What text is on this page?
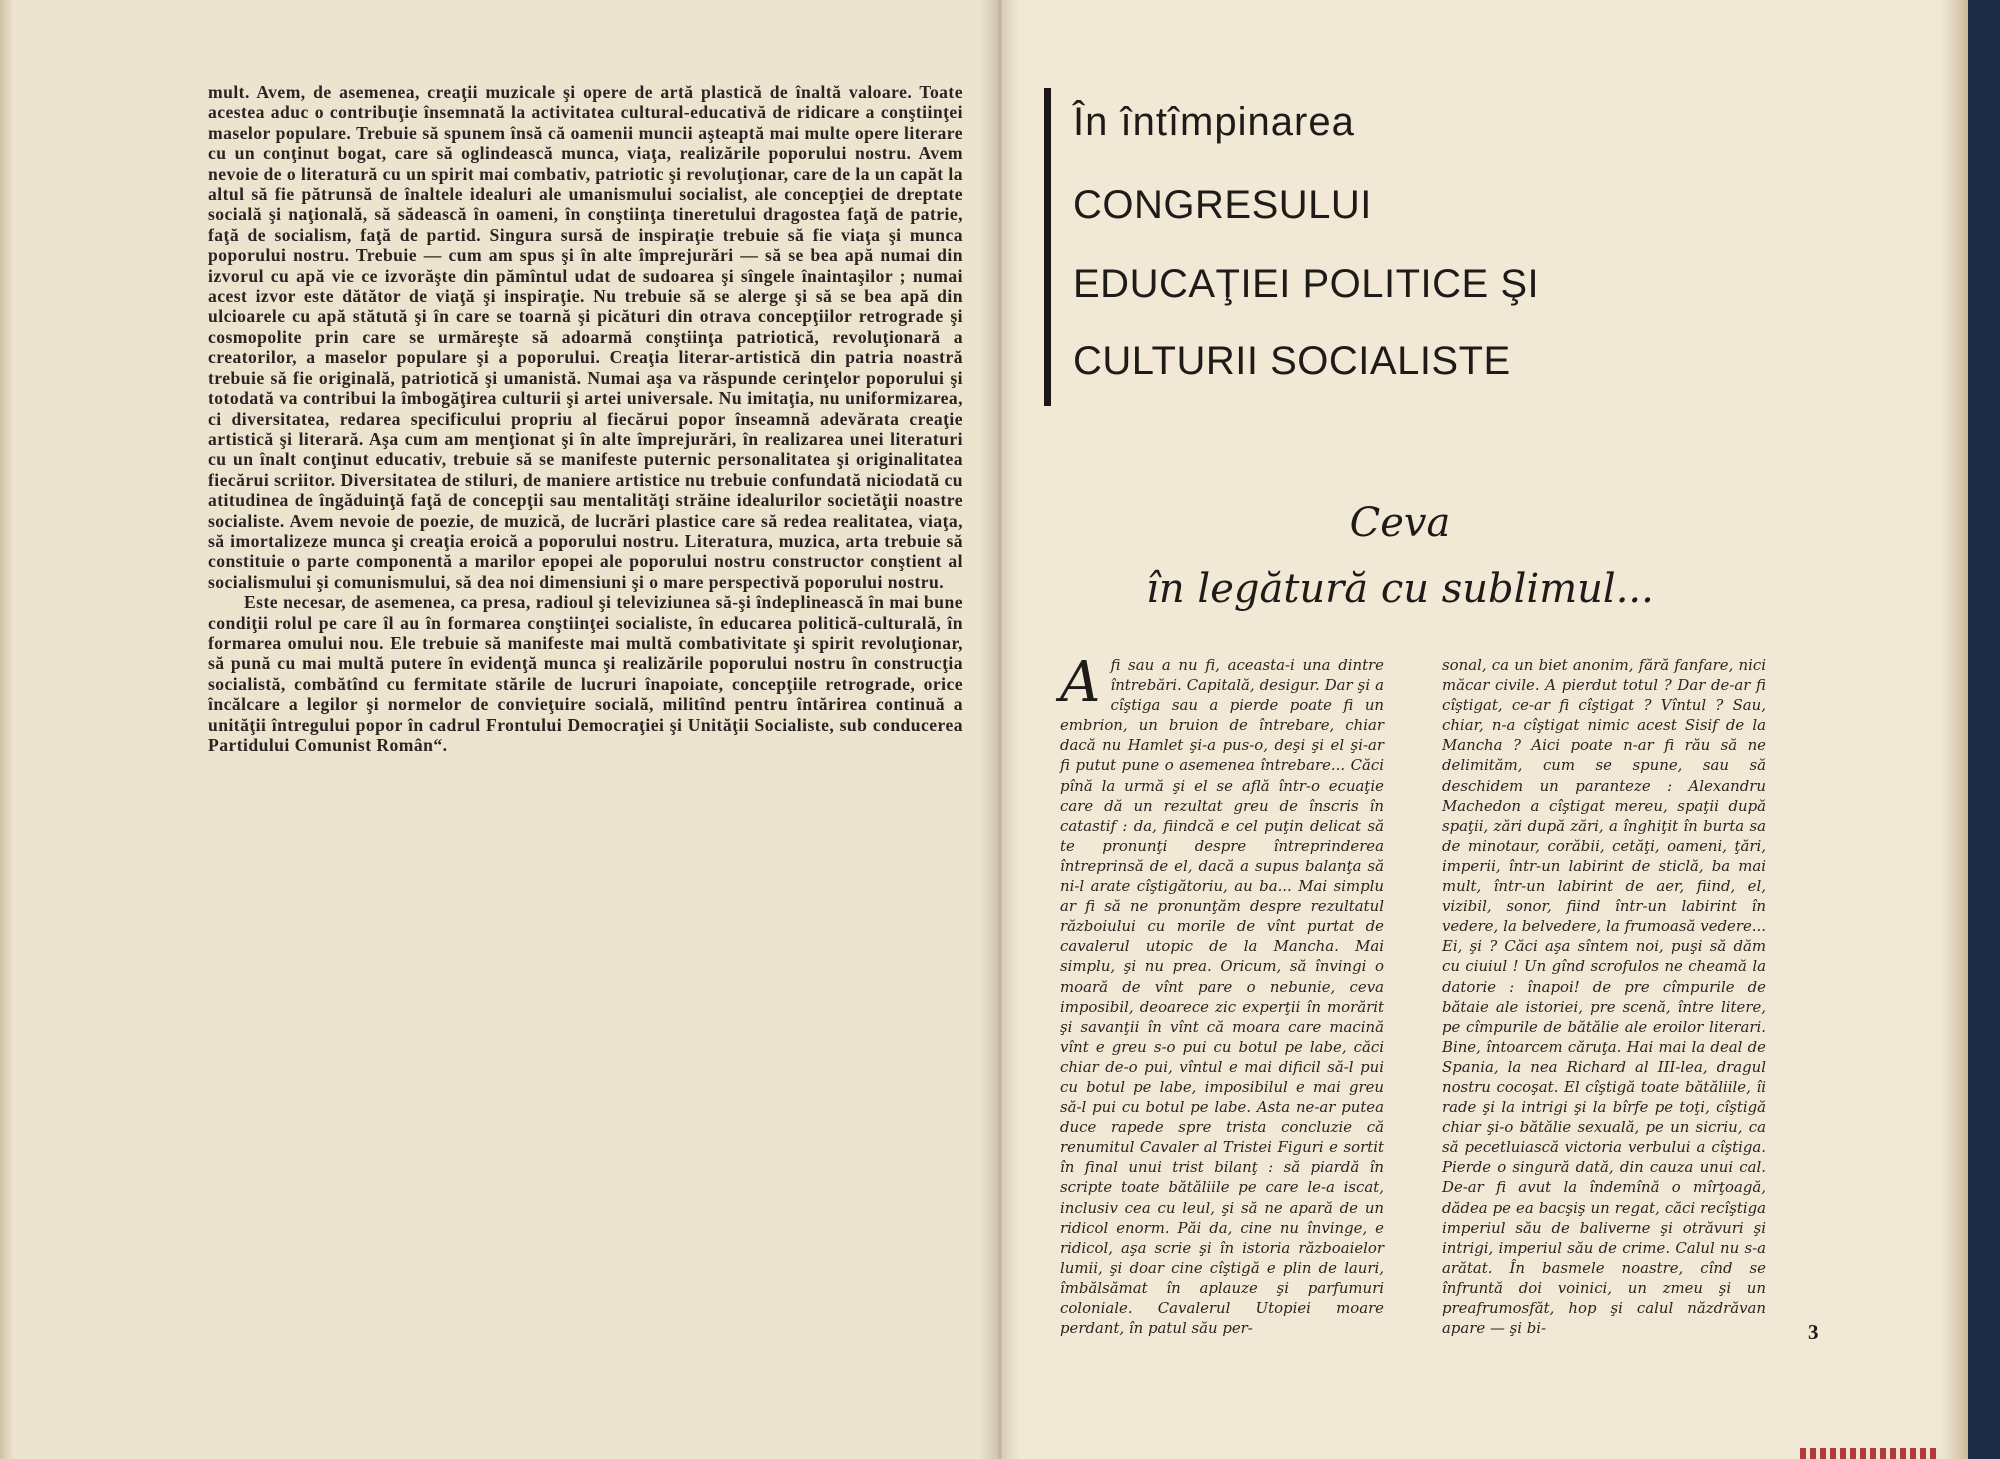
mult. Avem, de asemenea, creaţii muzicale şi opere de artă plastică de înaltă valoare. Toate acestea aduc o contribuţie însemnată la activitatea cultural-educativă de ridicare a conştiinţei maselor populare. Trebuie să spunem însă că oamenii muncii aşteaptă mai multe opere literare cu un conţinut bogat, care să oglindească munca, viaţa, realizările poporului nostru. Avem nevoie de o literatură cu un spirit mai combativ, patriotic şi revoluţionar, care de la un capăt la altul să fie pătrunsă de înaltele idealuri ale umanismului socialist, ale concepţiei de dreptate socială şi naţională, să sădească în oameni, în conştiinţa tineretului dragostea faţă de patrie, faţă de socialism, faţă de partid. Singura sursă de inspiraţie trebuie să fie viaţa şi munca poporului nostru. Trebuie — cum am spus şi în alte împrejurări — să se bea apă numai din izvorul cu apă vie ce izvorăşte din pămîntul udat de sudoarea şi sîngele înaintaşilor ; numai acest izvor este dătător de viaţă şi inspiraţie. Nu trebuie să se alerge şi să se bea apă din ulcioarele cu apă stătută şi în care se toarnă şi picături din otrava concepţiilor retrograde şi cosmopolite prin care se urmăreşte să adoarmă conştiinţa patriotică, revoluţionară a creatorilor, a maselor populare şi a poporului. Creaţia literar-artistică din patria noastră trebuie să fie originală, patriotică şi umanistă. Numai aşa va răspunde cerinţelor poporului şi totodată va contribui la îmbogăţirea culturii şi artei universale. Nu imitaţia, nu uniformizarea, ci diversitatea, redarea specificului propriu al fiecărui popor înseamnă adevărata creaţie artistică şi literară. Aşa cum am menţionat şi în alte împrejurări, în realizarea unei literaturi cu un înalt conţinut educativ, trebuie să se manifeste puternic personalitatea şi originalitatea fiecărui scriitor. Diversitatea de stiluri, de maniere artistice nu trebuie confundată niciodată cu atitudinea de îngăduinţă faţă de concepţii sau mentalităţi străine idealurilor societăţii noastre socialiste. Avem nevoie de poezie, de muzică, de lucrări plastice care să redea realitatea, viaţa, să imortalizeze munca şi creaţia eroică a poporului nostru. Literatura, muzica, arta trebuie să constituie o parte componentă a marilor epopei ale poporului nostru constructor conştient al socialismului şi comunismului, să dea noi dimensiuni şi o mare perspectivă poporului nostru.

Este necesar, de asemenea, ca presa, radioul şi televiziunea să-şi îndeplinească în mai bune condiţii rolul pe care îl au în formarea conştiinţei socialiste, în educarea politică-culturală, în formarea omului nou. Ele trebuie să manifeste mai multă combativitate şi spirit revoluţionar, să pună cu mai multă putere în evidenţă munca şi realizările poporului nostru în construcţia socialistă, combătînd cu fermitate stările de lucruri înapoiate, concepţiile retrograde, orice încălcare a legilor şi normelor de convieţuire socială, militînd pentru întărirea continuă a unităţii întregului popor în cadrul Frontului Democraţiei şi Unităţii Socialiste, sub conducerea Partidului Comunist Român“.

În întîmpinarea
CONGRESULUI
EDUCAŢIEI POLITICE ŞI
CULTURII SOCIALISTE
Ceva
în legătură cu sublimul...
A fi sau a nu fi, aceasta-i una dintre întrebări. Capitală, desigur. Dar şi a cîştiga sau a pierde poate fi un embrion, un bruion de întrebare, chiar dacă nu Hamlet şi-a pus-o, deşi şi el şi-ar fi putut pune o asemenea întrebare... Căci pînă la urmă şi el se află într-o ecuaţie care dă un rezultat greu de înscris în catastif : da, fiindcă e cel puţin delicat să te pronunţi despre întreprinderea întreprinsă de el, dacă a supus balanţa să ni-l arate cîştigătoriu, au ba... Mai simplu ar fi să ne pronunţăm despre rezultatul războiului cu morile de vînt purtat de cavalerul utopic de la Mancha. Mai simplu, şi nu prea. Oricum, să învingi o moară de vînt pare o nebunie, ceva imposibil, deoarece zic experţii în morărit şi savanţii în vînt că moara care macină vînt e greu s-o pui cu botul pe labe, căci chiar de-o pui, vîntul e mai dificil să-l pui cu botul pe labe, imposibilul e mai greu să-l pui cu botul pe labe. Asta ne-ar putea duce rapede spre trista concluzie că renumitul Cavaler al Tristei Figuri e sortit în final unui trist bilanţ : să piardă în scripte toate bătăliile pe care le-a iscat, inclusiv cea cu leul, şi să ne apară de un ridicol enorm. Păi da, cine nu învinge, e ridicol, aşa scrie şi în istoria războaielor lumii, şi doar cine cîştigă e plin de lauri, îmbălsămat în aplauze şi parfumuri coloniale. Cavalerul Utopiei moare perdant, în patul său per-
sonal, ca un biet anonim, fără fanfare, nici măcar civile. A pierdut totul ? Dar de-ar fi cîştigat, ce-ar fi cîştigat ? Vîntul ? Sau, chiar, n-a cîştigat nimic acest Sisif de la Mancha ? Aici poate n-ar fi rău să ne delimităm, cum se spune, sau să deschidem un paranteze : Alexandru Machedon a cîştigat mereu, spaţii după spaţii, zări după zări, a înghiţit în burta sa de minotaur, corăbii, cetăţi, oameni, ţări, imperii, într-un labirint de sticlă, ba mai mult, într-un labirint de aer, fiind, el, vizibil, sonor, fiind într-un labirint în vedere, la belvedere, la frumoasă vedere... Ei, şi ? Căci aşa sîntem noi, puşi să dăm cu ciuiul ! Un gînd scrofulos ne cheamă la datorie : înapoi! de pre cîmpurile de bătaie ale istoriei, pre scenă, între litere, pe cîmpurile de bătălie ale eroilor literari. Bine, întoarcem căruţa. Hai mai la deal de Spania, la nea Richard al III-lea, dragul nostru cocoşat. El cîştigă toate bătăliile, îi rade şi la intrigi şi la bîrfe pe toţi, cîştigă chiar şi-o bătălie sexuală, pe un sicriu, ca să pecetluiască victoria verbului a cîştiga. Pierde o singură dată, din cauza unui cal. De-ar fi avut la îndemînă o mîrţoagă, dădea pe ea bacşiş un regat, căci recîştiga imperiul său de baliverne şi otrăvuri şi intrigi, imperiul său de crime. Calul nu s-a arătat. În basmele noastre, cînd se înfruntă doi voinici, un zmeu şi un preafrumosfăt, hop şi calul năzdrăvan apare — şi bi-	3
